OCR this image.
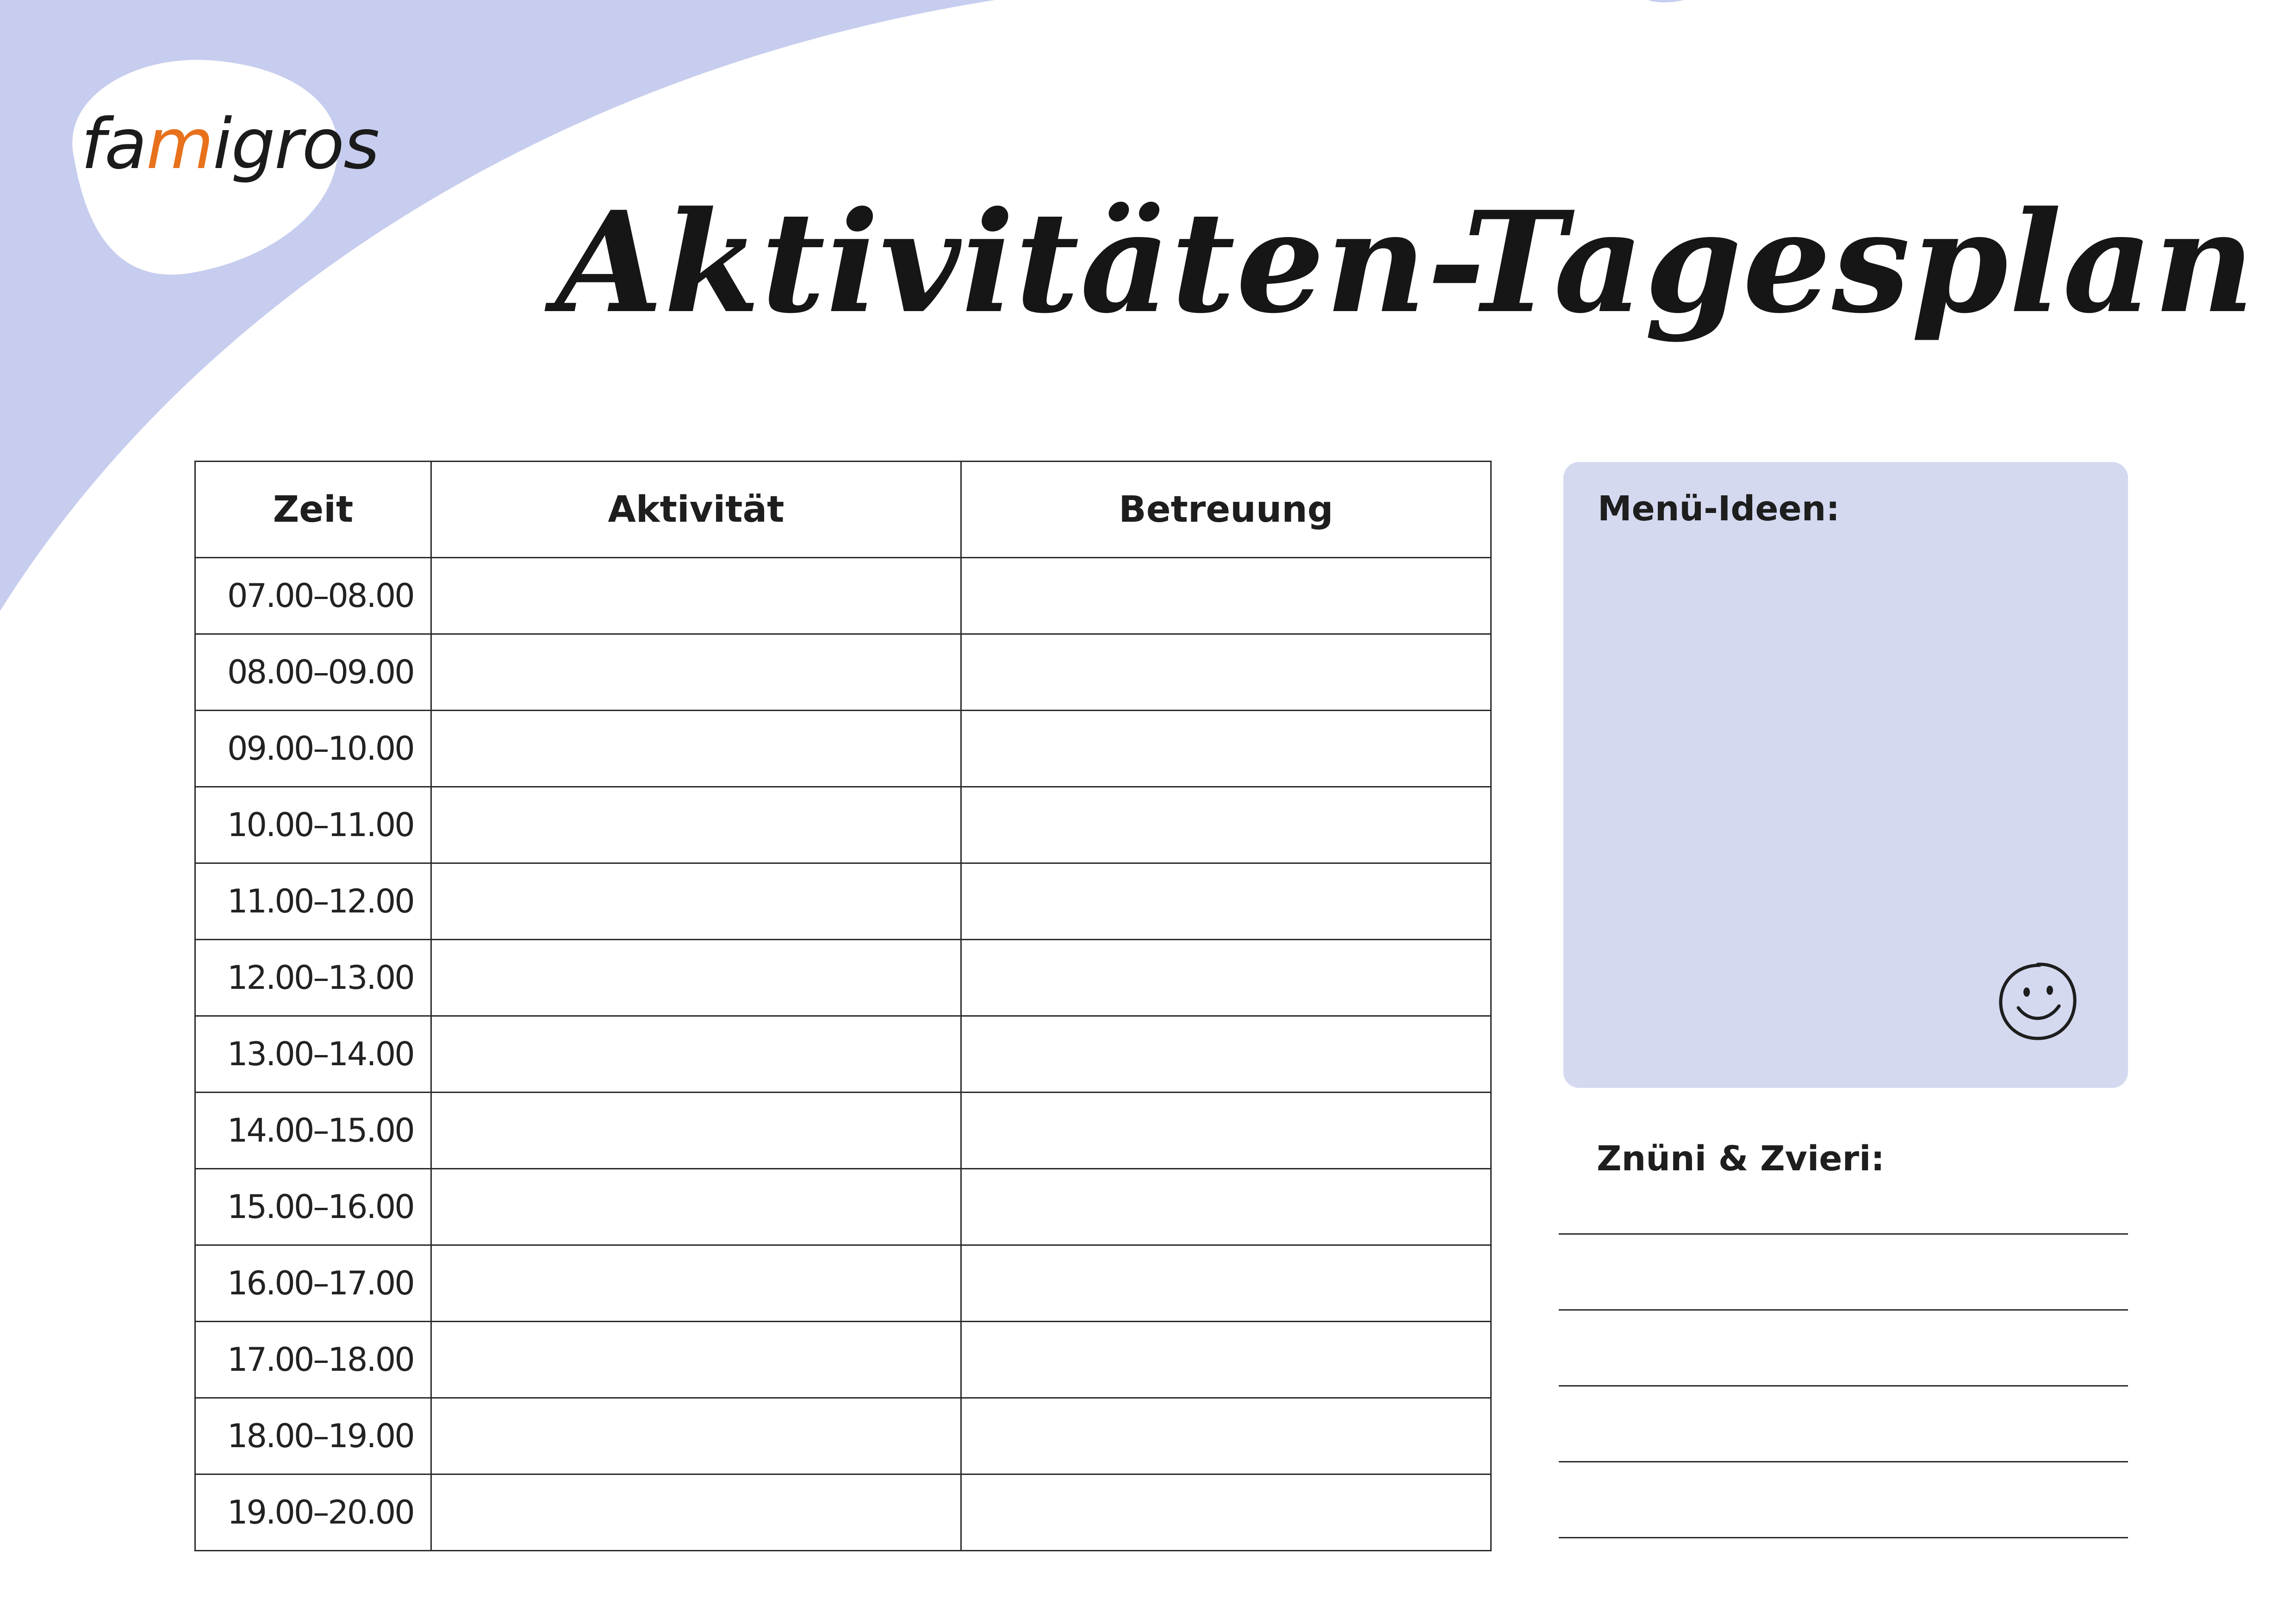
famigros
Aktivitäten-Tagesplan
Zeit	Aktivität	Betreuung
07.00–08.00		
08.00–09.00		
09.00–10.00		
10.00–11.00		
11.00–12.00		
12.00–13.00		
13.00–14.00		
14.00–15.00		
15.00–16.00		
16.00–17.00		
17.00–18.00		
18.00–19.00		
19.00–20.00		
Menü-Ideen:
Znüni & Zvieri:
